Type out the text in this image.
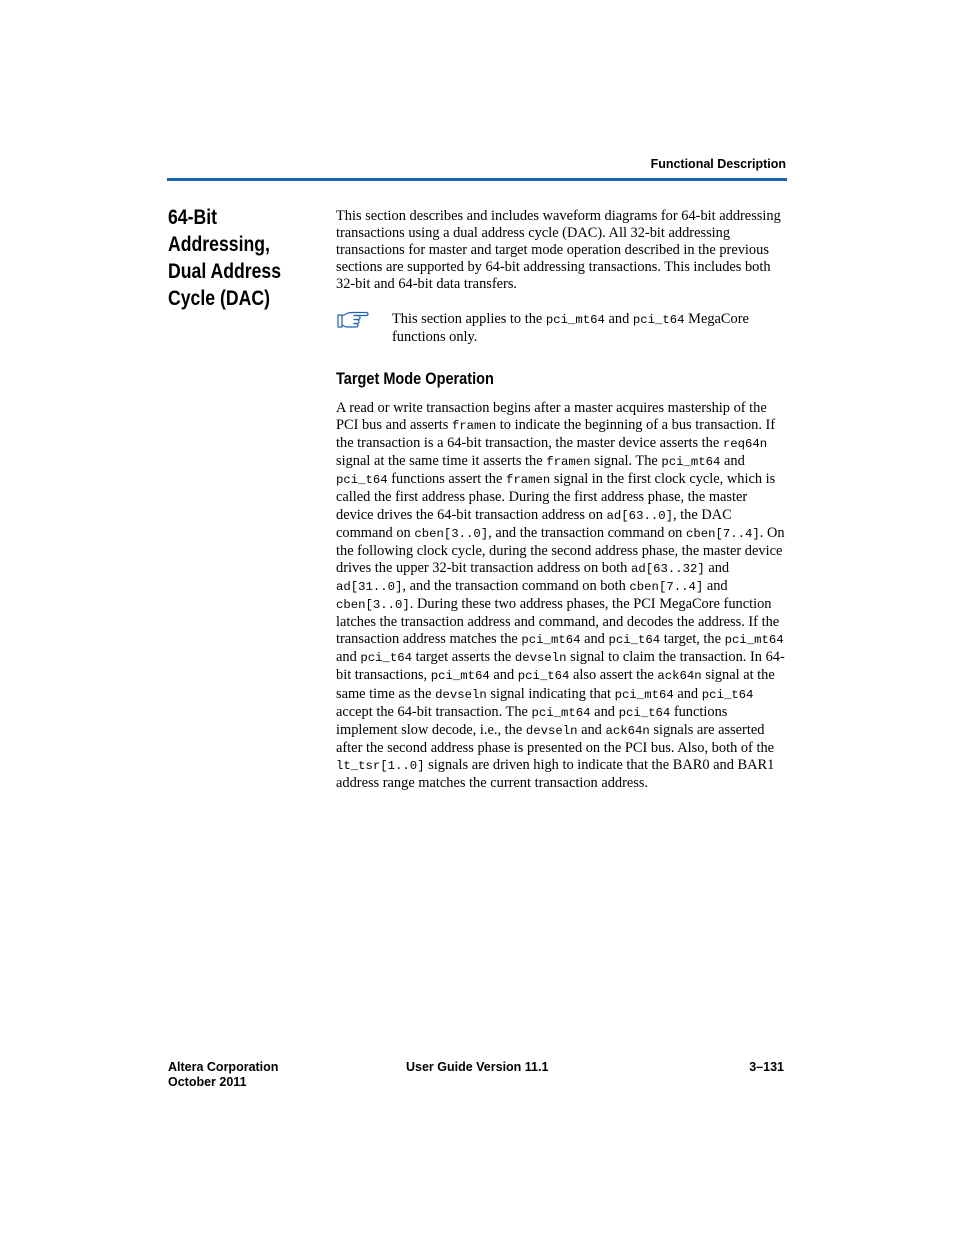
Functional Description
64-Bit
Addressing,
Dual Address
Cycle (DAC)

This section describes and includes waveform diagrams for 64-bit addressing transactions using a dual address cycle (DAC). All 32-bit addressing transactions for master and target mode operation described in the previous sections are supported by 64-bit addressing transactions. This includes both 32-bit and 64-bit data transfers.

This section applies to the pci_mt64 and pci_t64 MegaCore functions only.
Target Mode Operation

A read or write transaction begins after a master acquires mastership of the PCI bus and asserts framen to indicate the beginning of a bus transaction. If the transaction is a 64-bit transaction, the master device asserts the req64n signal at the same time it asserts the framen signal. The pci_mt64 and pci_t64 functions assert the framen signal in the first clock cycle, which is called the first address phase. During the first address phase, the master device drives the 64-bit transaction address on ad[63..0], the DAC command on cben[3..0], and the transaction command on cben[7..4]. On the following clock cycle, during the second address phase, the master device drives the upper 32-bit transaction address on both ad[63..32] and ad[31..0], and the transaction command on both cben[7..4] and cben[3..0]. During these two address phases, the PCI MegaCore function latches the transaction address and command, and decodes the address. If the transaction address matches the pci_mt64 and pci_t64 target, the pci_mt64 and pci_t64 target asserts the devseln signal to claim the transaction. In 64-bit transactions, pci_mt64 and pci_t64 also assert the ack64n signal at the same time as the devseln signal indicating that pci_mt64 and pci_t64 accept the 64-bit transaction. The pci_mt64 and pci_t64 functions implement slow decode, i.e., the devseln and ack64n signals are asserted after the second address phase is presented on the PCI bus. Also, both of the lt_tsr[1..0] signals are driven high to indicate that the BAR0 and BAR1 address range matches the current transaction address.

Altera Corporation
October 2011
User Guide Version 11.1	3–131
